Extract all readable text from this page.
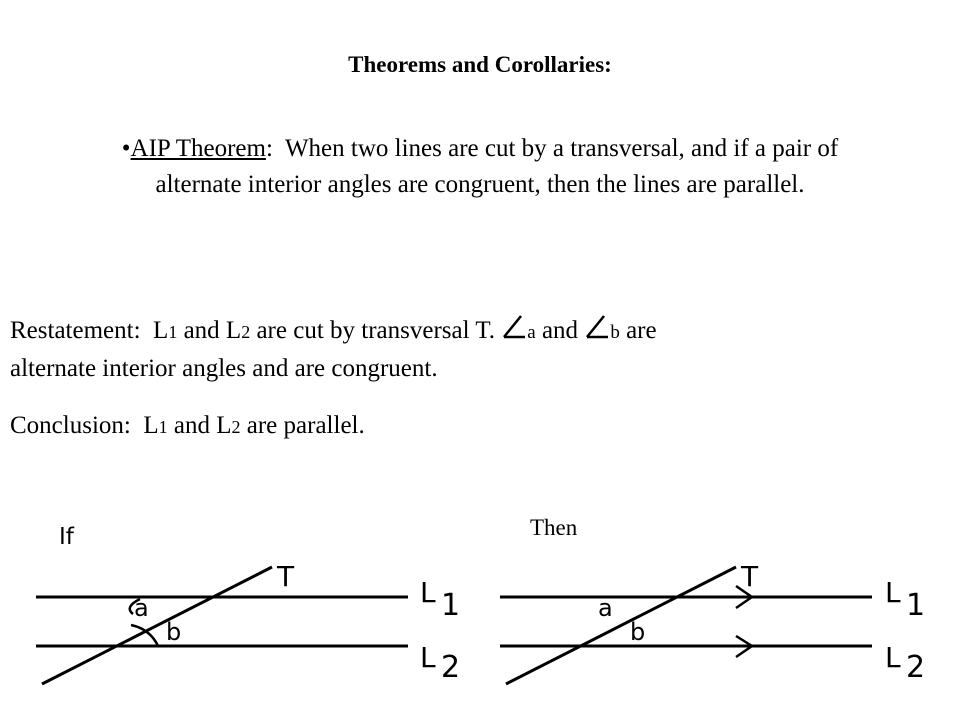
Theorems and Corollaries:
•AIP Theorem:  When two lines are cut by a transversal, and if a pair of
alternate interior angles are congruent, then the lines are parallel.
Restatement: L1 and L2 are cut by transversal T.
a and
b are
alternate interior angles and are congruent.
Conclusion: L1 and L2 are parallel.
If	Then
a
b
T	L 1
L 2
a
b
T	L 1
L 2
